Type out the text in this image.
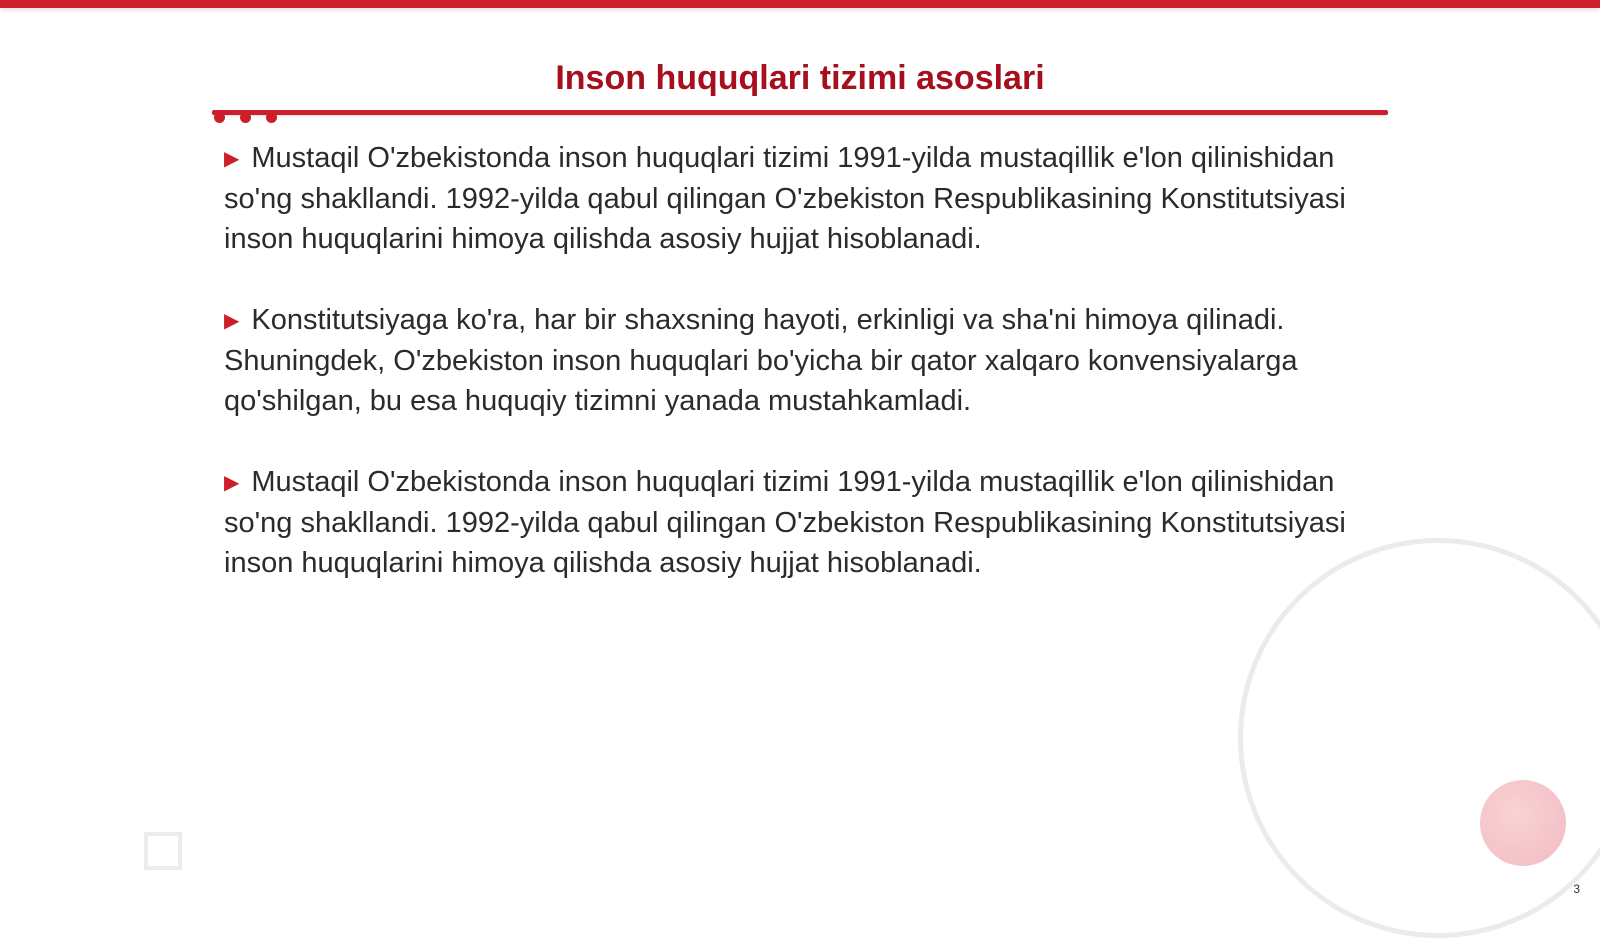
Inson huquqlari tizimi asoslari

▶ Mustaqil O'zbekistonda inson huquqlari tizimi 1991-yilda mustaqillik e'lon qilinishidan so'ng shakllandi. 1992-yilda qabul qilingan O'zbekiston Respublikasining Konstitutsiyasi inson huquqlarini himoya qilishda asosiy hujjat hisoblanadi.

▶ Konstitutsiyaga ko'ra, har bir shaxsning hayoti, erkinligi va sha'ni himoya qilinadi. Shuningdek, O'zbekiston inson huquqlari bo'yicha bir qator xalqaro konvensiyalarga qo'shilgan, bu esa huquqiy tizimni yanada mustahkamladi.

▶ Mustaqil O'zbekistonda inson huquqlari tizimi 1991-yilda mustaqillik e'lon qilinishidan so'ng shakllandi. 1992-yilda qabul qilingan O'zbekiston Respublikasining Konstitutsiyasi inson huquqlarini himoya qilishda asosiy hujjat hisoblanadi.

3
